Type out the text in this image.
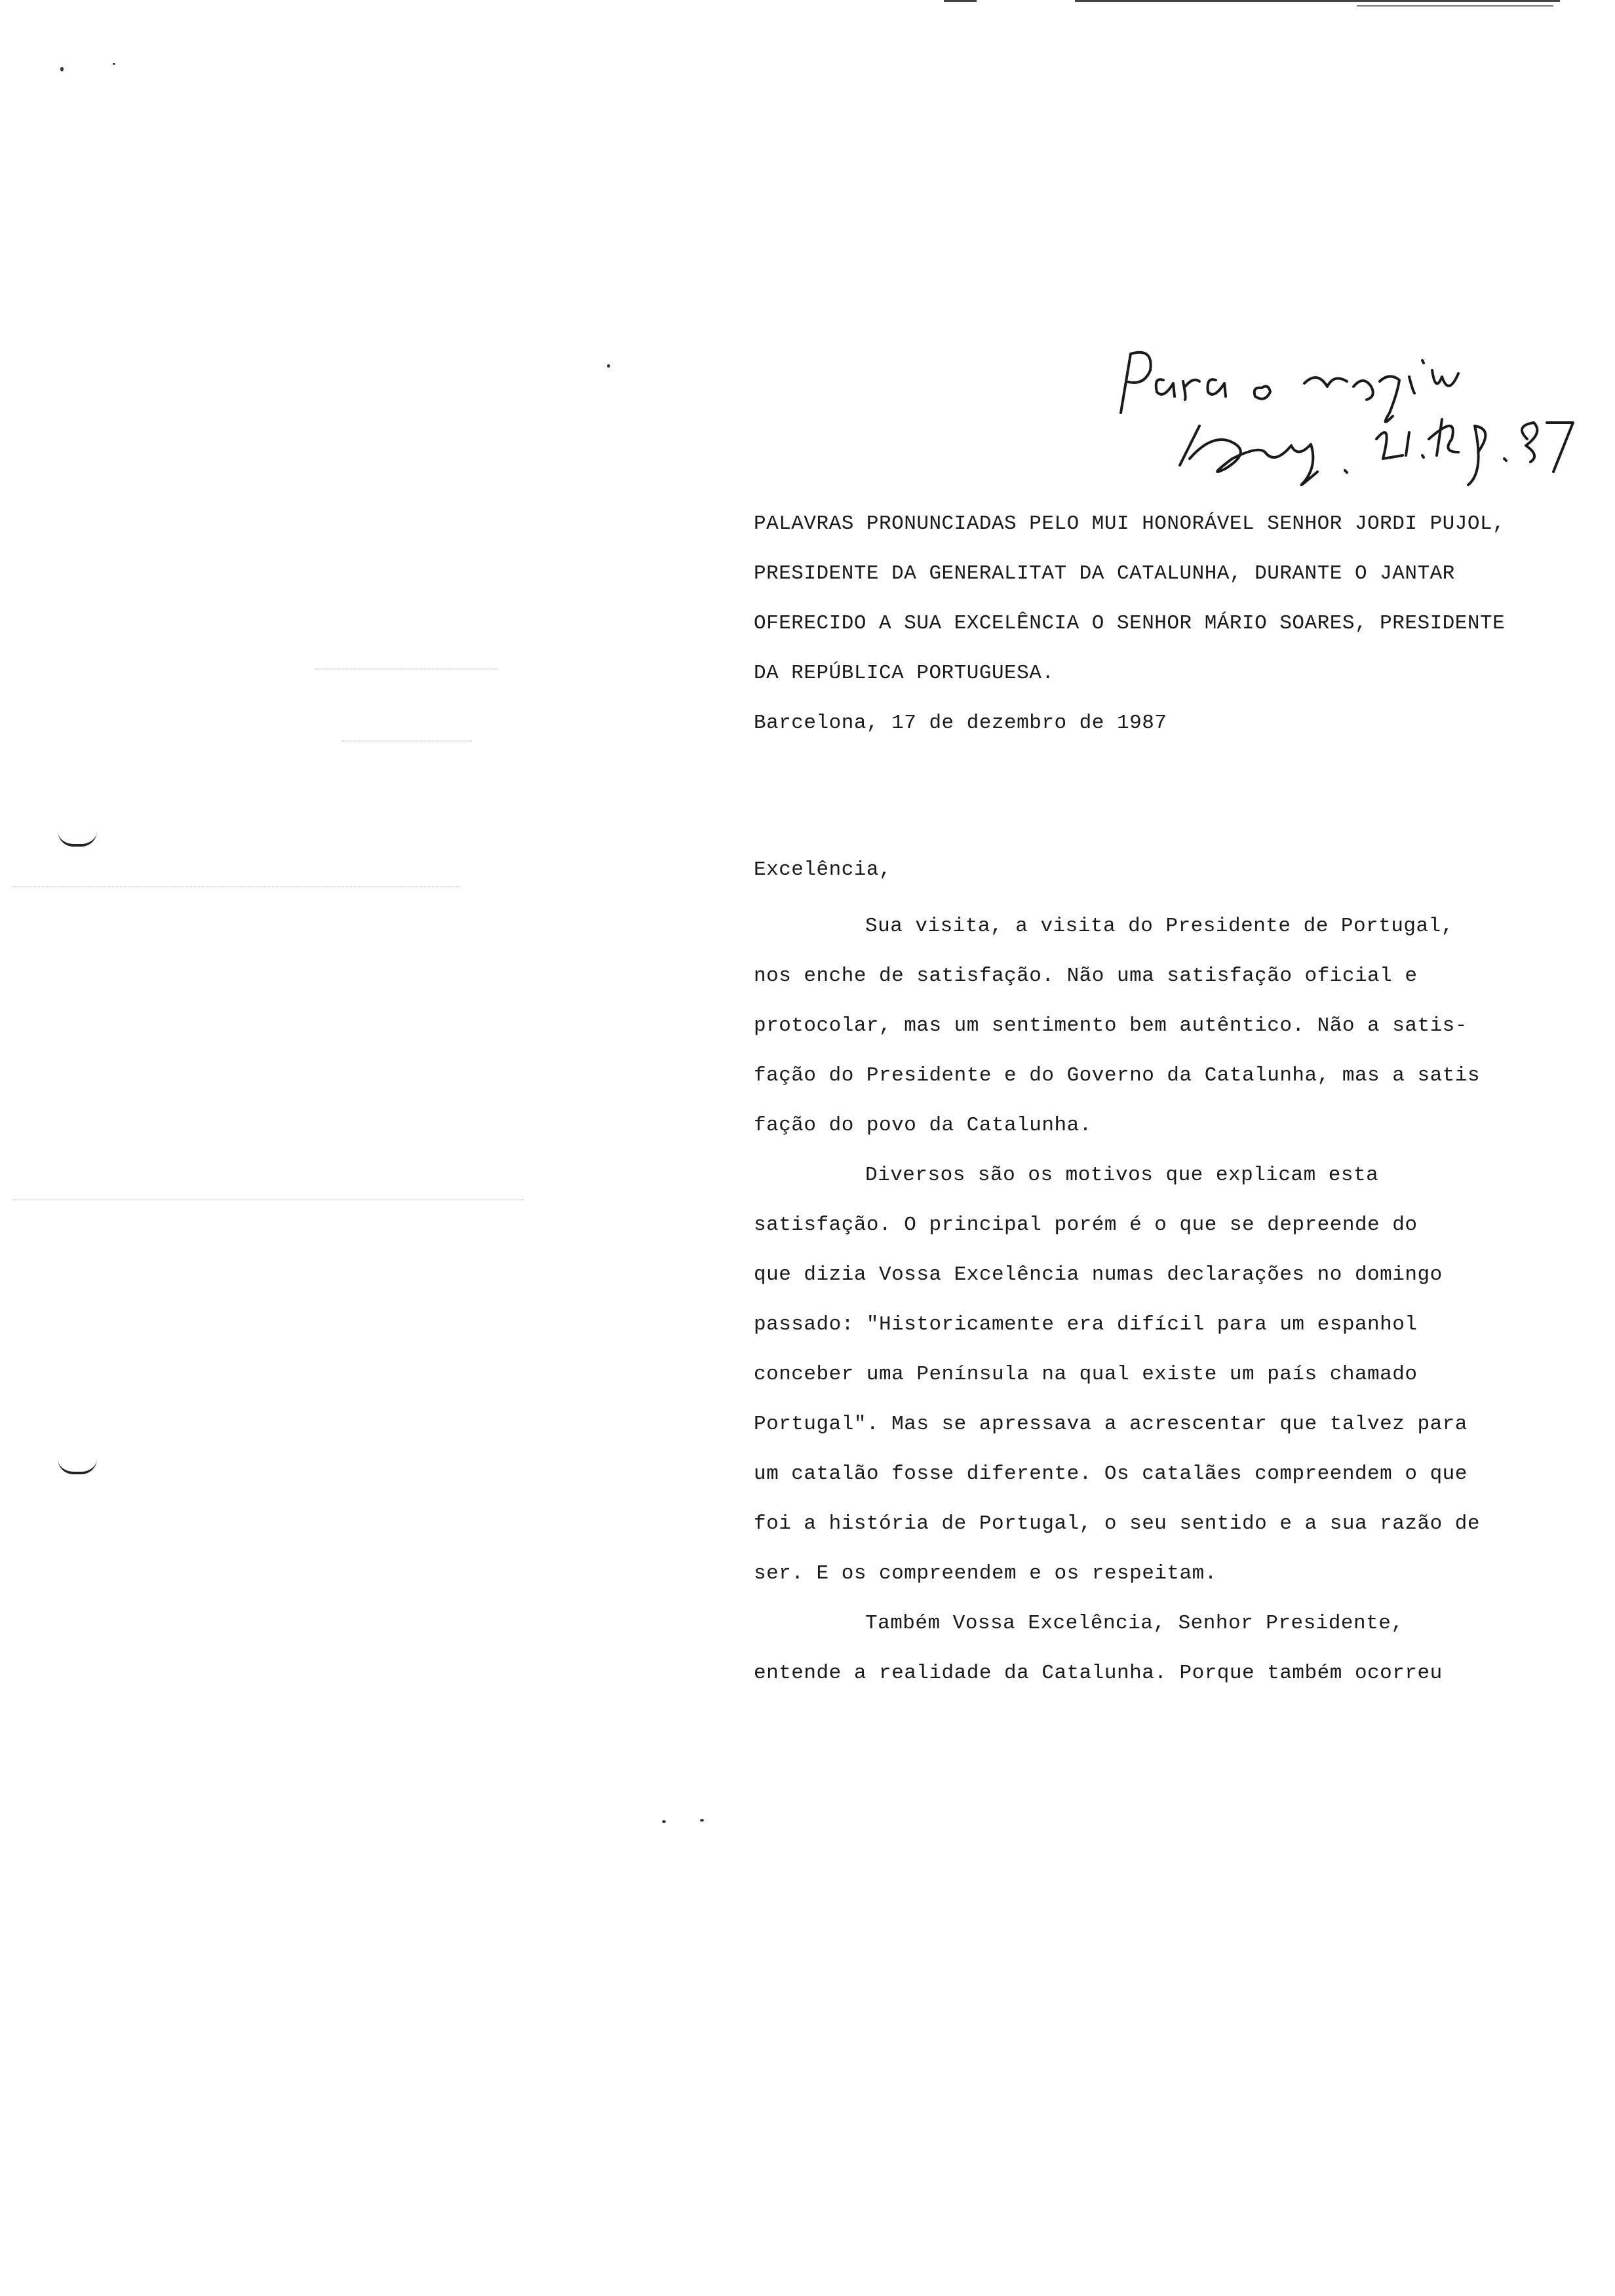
PALAVRAS PRONUNCIADAS PELO MUI HONORÁVEL SENHOR JORDI PUJOL,
PRESIDENTE DA GENERALITAT DA CATALUNHA, DURANTE O JANTAR
OFERECIDO A SUA EXCELÊNCIA O SENHOR MÁRIO SOARES, PRESIDENTE
DA REPÚBLICA PORTUGUESA.
Barcelona, 17 de dezembro de 1987
Excelência,
Sua visita, a visita do Presidente de Portugal,
nos enche de satisfação. Não uma satisfação oficial e
protocolar, mas um sentimento bem autêntico. Não a satis-
fação do Presidente e do Governo da Catalunha, mas a satis
fação do povo da Catalunha.
Diversos são os motivos que explicam esta
satisfação. O principal porém é o que se depreende do
que dizia Vossa Excelência numas declarações no domingo
passado: "Historicamente era difícil para um espanhol
conceber uma Península na qual existe um país chamado
Portugal". Mas se apressava a acrescentar que talvez para
um catalão fosse diferente. Os catalães compreendem o que
foi a história de Portugal, o seu sentido e a sua razão de
ser. E os compreendem e os respeitam.
Também Vossa Excelência, Senhor Presidente,
entende a realidade da Catalunha. Porque também ocorreu
